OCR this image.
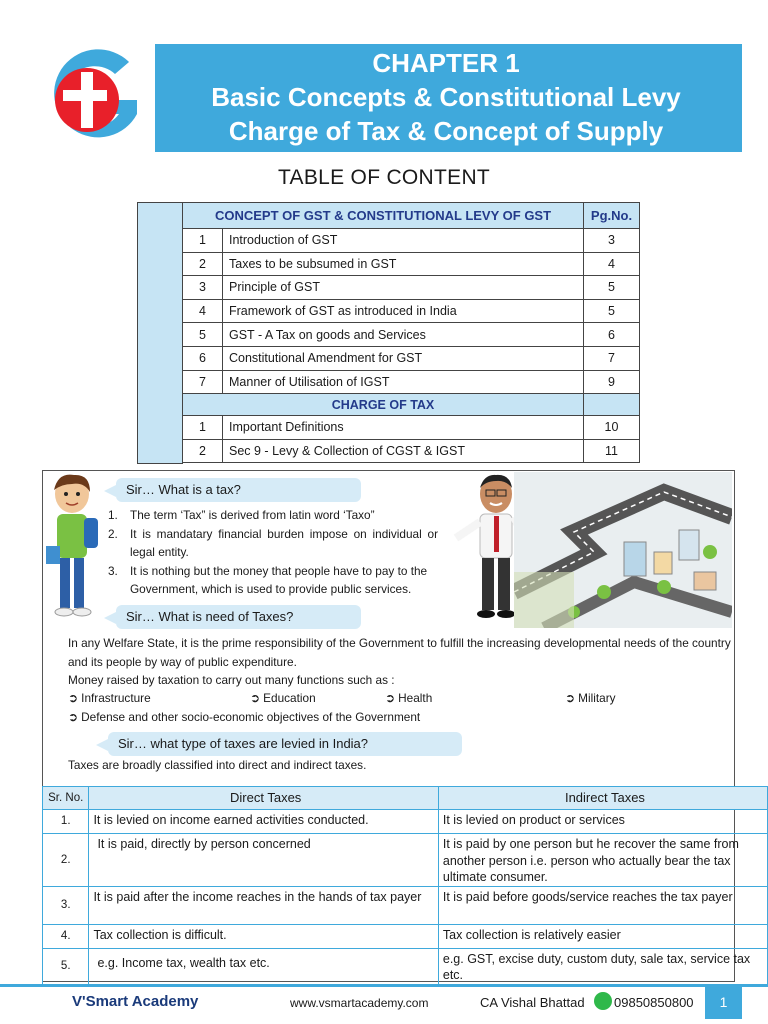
CHAPTER 1
Basic Concepts & Constitutional Levy
Charge of Tax & Concept of Supply
TABLE OF CONTENT
CONCEPT OF GST & CONSTITUTIONAL LEVY OF GST		Pg.No.
1	Introduction of GST	3
2	Taxes to be subsumed in GST	4
3	Principle of GST	5
4	Framework of GST as introduced in India	5
5	GST - A Tax on goods and Services	6
6	Constitutional Amendment for GST	7
7	Manner of Utilisation of IGST	9
CHARGE OF TAX		
1	Important Definitions	10
2	Sec 9 - Levy & Collection of CGST & IGST	11
Sir… What is a tax?
1. The term ‘Tax” is derived from latin word ‘Taxo”
2. It is mandatary financial burden impose on individual or legal entity.
3. It is nothing but the money that people have to pay to the Government, which is used to provide public services.
Sir… What is need of Taxes?
In any Welfare State, it is the prime responsibility of the Government to fulfill the increasing developmental needs of the country and its people by way of public expenditure.
Money raised by taxation to carry out many functions such as :
➲ Infrastructure	➲ Education	➲ Health	➲ Military
➲ Defense and other socio-economic objectives of the Government
Sir… what type of taxes are levied in India?
Taxes are broadly classified into direct and indirect taxes.
Sr. No.	Direct Taxes	Indirect Taxes
1.	It is levied on income earned activities conducted.	It is levied on product or services
2.	It is paid, directly by person concerned	It is paid by one person but he recover the same from another person i.e. person who actually bear the tax ultimate consumer.
3.	It is paid after the income reaches in the hands of tax payer	It is paid before goods/service reaches the tax payer
4.	Tax collection is difficult.	Tax collection is relatively easier
5.	e.g. Income tax, wealth tax etc.	e.g. GST, excise duty, custom duty, sale tax, service tax etc.
V'Smart Academy	www.vsmartacademy.com	CA Vishal Bhattad 09850850800	1
